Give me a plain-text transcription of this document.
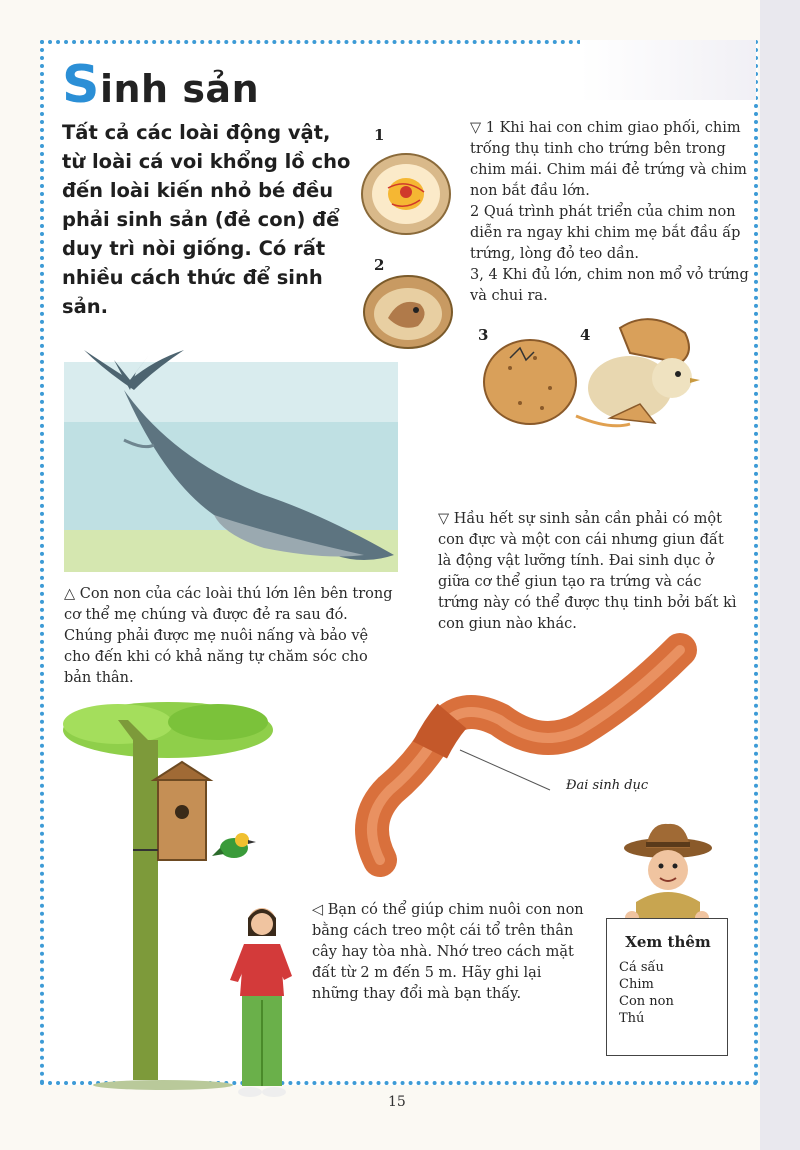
Sinh sản

Tất cả các loài động vật, từ loài cá voi khổng lồ cho đến loài kiến nhỏ bé đều phải sinh sản (đẻ con) để duy trì nòi giống. Có rất nhiều cách thức để sinh sản.

1
2
3	4

▽ 1 Khi hai con chim giao phối, chim trống thụ tinh cho trứng bên trong chim mái. Chim mái đẻ trứng và chim non bắt đầu lớn.
2 Quá trình phát triển của chim non diễn ra ngay khi chim mẹ bắt đầu ấp trứng, lòng đỏ teo dần.
3, 4 Khi đủ lớn, chim non mổ vỏ trứng và chui ra.

△ Con non của các loài thú lớn lên bên trong cơ thể mẹ chúng và được đẻ ra sau đó. Chúng phải được mẹ nuôi nấng và bảo vệ cho đến khi có khả năng tự chăm sóc cho bản thân.

▽ Hầu hết sự sinh sản cần phải có một con đực và một con cái nhưng giun đất là động vật lưỡng tính. Đai sinh dục ở giữa cơ thể giun tạo ra trứng và các trứng này có thể được thụ tinh bởi bất kì con giun nào khác.

Đai sinh dục

◁ Bạn có thể giúp chim nuôi con non bằng cách treo một cái tổ trên thân cây hay tòa nhà. Nhớ treo cách mặt đất từ 2 m đến 5 m. Hãy ghi lại những thay đổi mà bạn thấy.

Xem thêm
Cá sấu
Chim
Con non
Thú
15
